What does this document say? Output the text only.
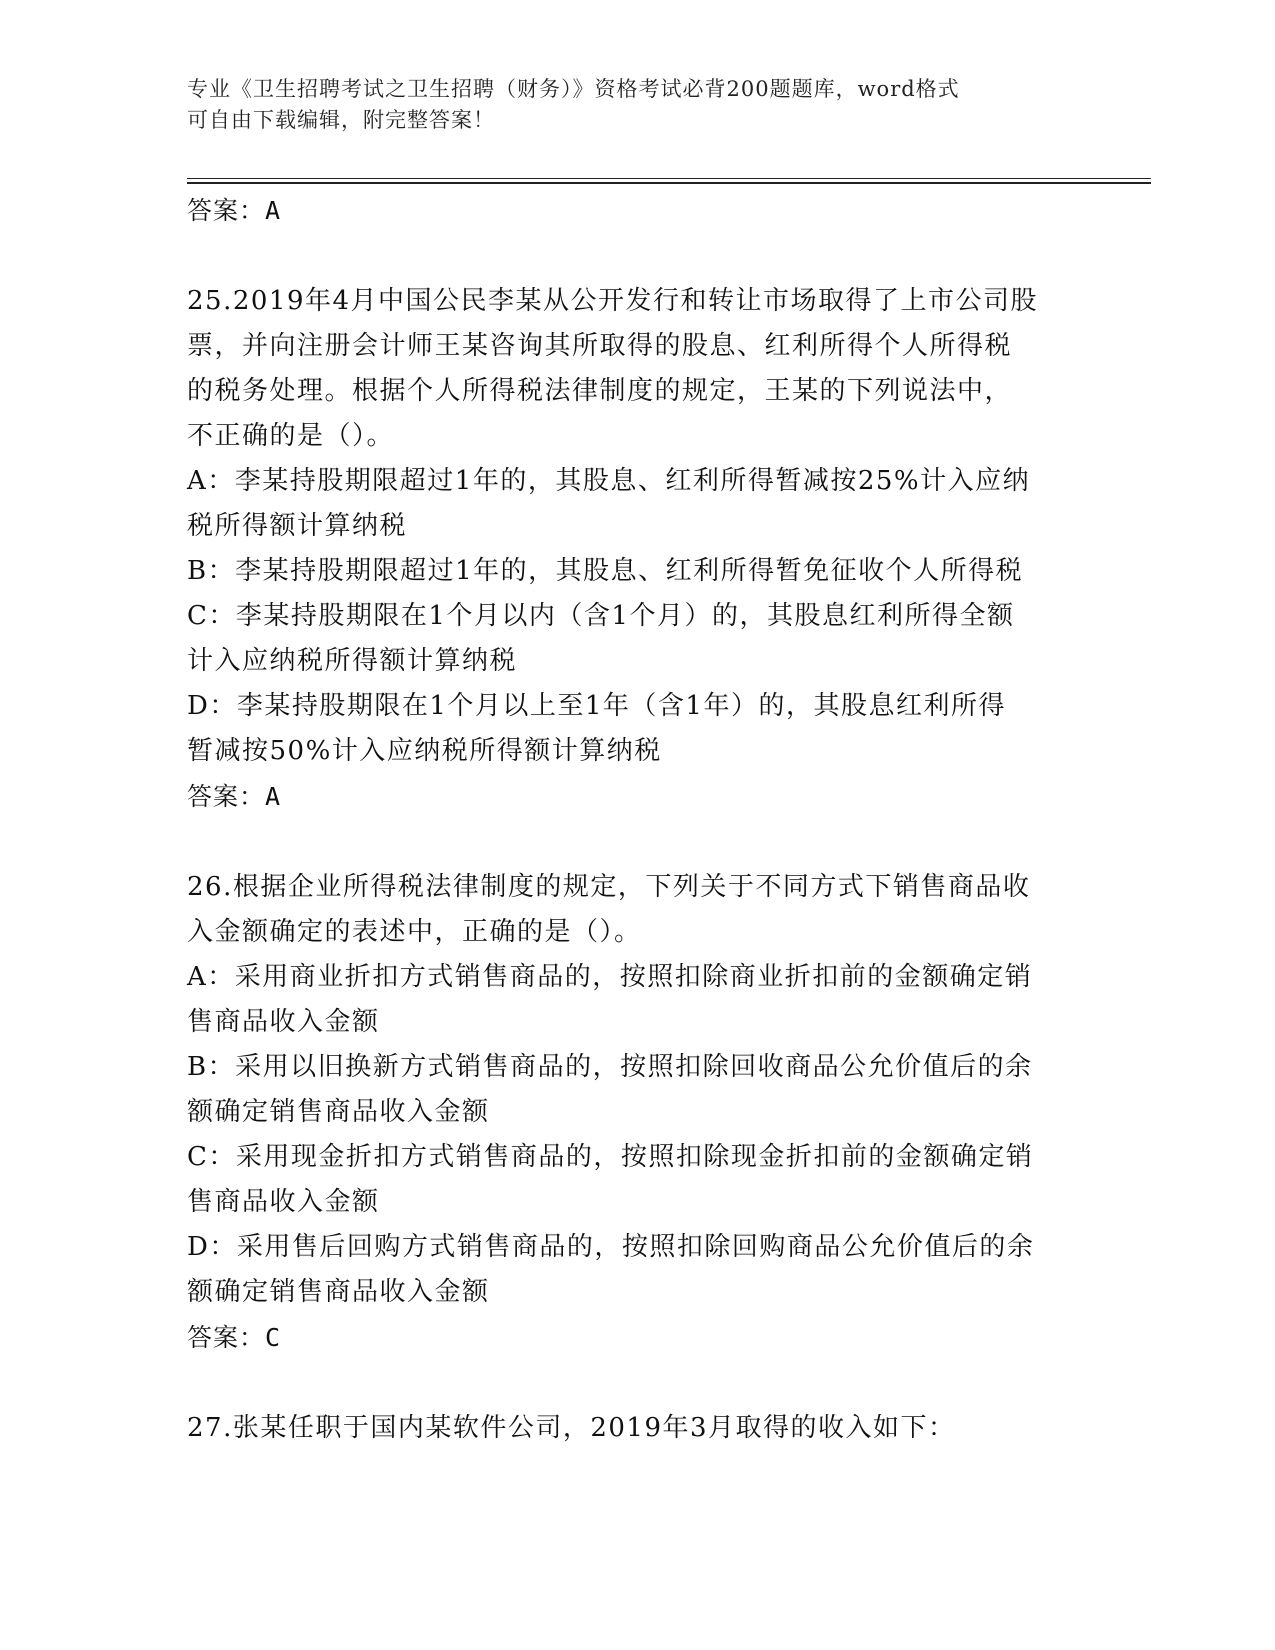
专业《卫生招聘考试之卫生招聘（财务）》资格考试必背200题题库，word格式
可自由下载编辑，附完整答案！
答案：A
25.2019年4月中国公民李某从公开发行和转让市场取得了上市公司股
票，并向注册会计师王某咨询其所取得的股息、红利所得个人所得税
的税务处理。根据个人所得税法律制度的规定，王某的下列说法中，
不正确的是（）。
A：李某持股期限超过1年的，其股息、红利所得暂减按25%计入应纳
税所得额计算纳税
B：李某持股期限超过1年的，其股息、红利所得暂免征收个人所得税
C：李某持股期限在1个月以内（含1个月）的，其股息红利所得全额
计入应纳税所得额计算纳税
D：李某持股期限在1个月以上至1年（含1年）的，其股息红利所得
暂减按50%计入应纳税所得额计算纳税
答案：A
26.根据企业所得税法律制度的规定，下列关于不同方式下销售商品收
入金额确定的表述中，正确的是（）。
A：采用商业折扣方式销售商品的，按照扣除商业折扣前的金额确定销
售商品收入金额
B：采用以旧换新方式销售商品的，按照扣除回收商品公允价值后的余
额确定销售商品收入金额
C：采用现金折扣方式销售商品的，按照扣除现金折扣前的金额确定销
售商品收入金额
D：采用售后回购方式销售商品的，按照扣除回购商品公允价值后的余
额确定销售商品收入金额
答案：C
27.张某任职于国内某软件公司，2019年3月取得的收入如下：
